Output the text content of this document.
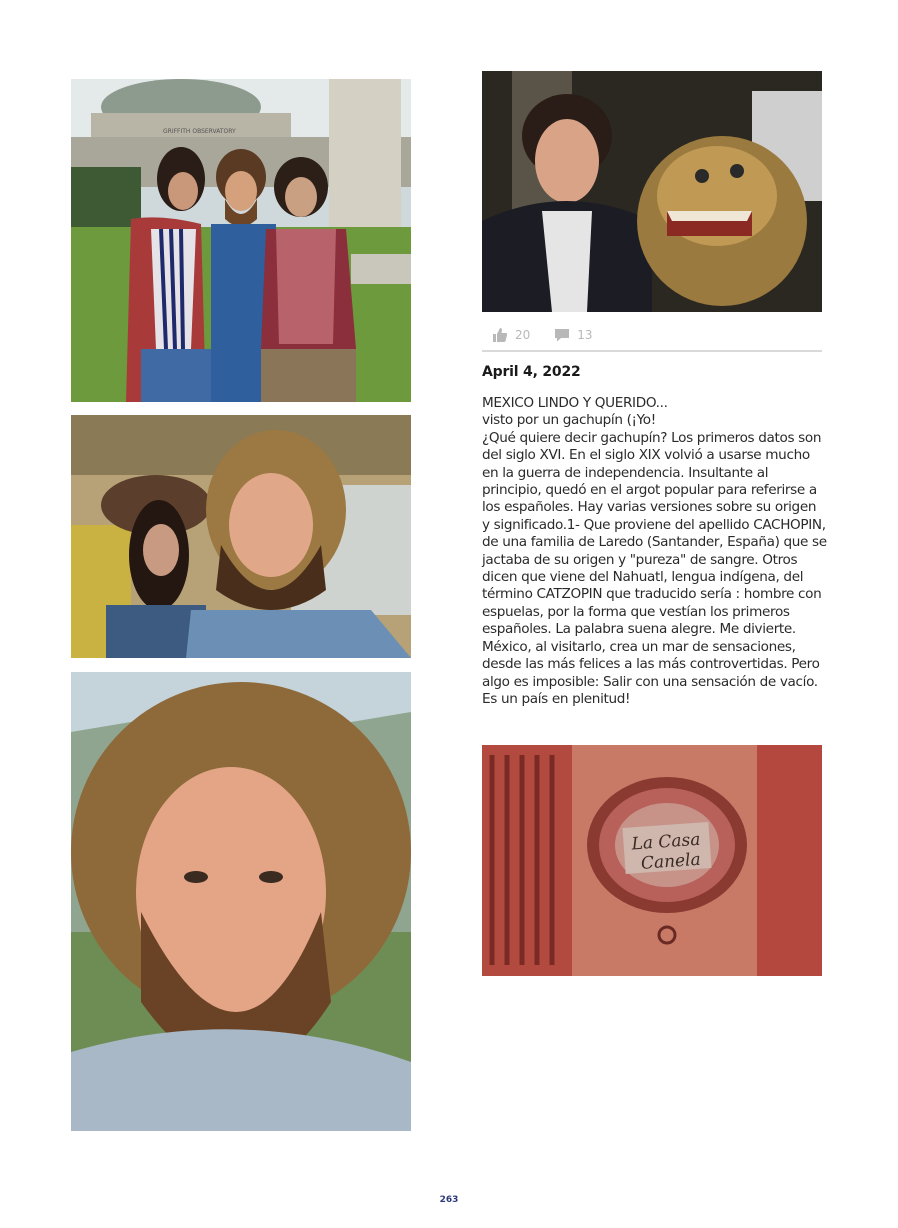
GRIFFITH OBSERVATORY
20	13
April 4, 2022
MEXICO LINDO Y QUERIDO...
visto por un gachupín (¡Yo!
¿Qué quiere decir gachupín? Los primeros datos son del siglo XVI. En el siglo XIX volvió a usarse mucho en la guerra de independencia. Insultante al principio, quedó en el argot popular para referirse a los españoles. Hay varias versiones sobre su origen y significado.1- Que proviene del apellido CACHOPIN, de una familia de Laredo (Santander, España) que se jactaba de su origen y "pureza" de sangre. Otros dicen que viene del Nahuatl, lengua indígena, del término CATZOPIN que traducido sería : hombre con espuelas, por la forma que vestían los primeros españoles. La palabra suena alegre. Me divierte.
México, al visitarlo, crea un mar de sensaciones, desde las más felices a las más controvertidas. Pero algo es imposible: Salir con una sensación de vacío. Es un país en plenitud!
La Casa
Canela
263
